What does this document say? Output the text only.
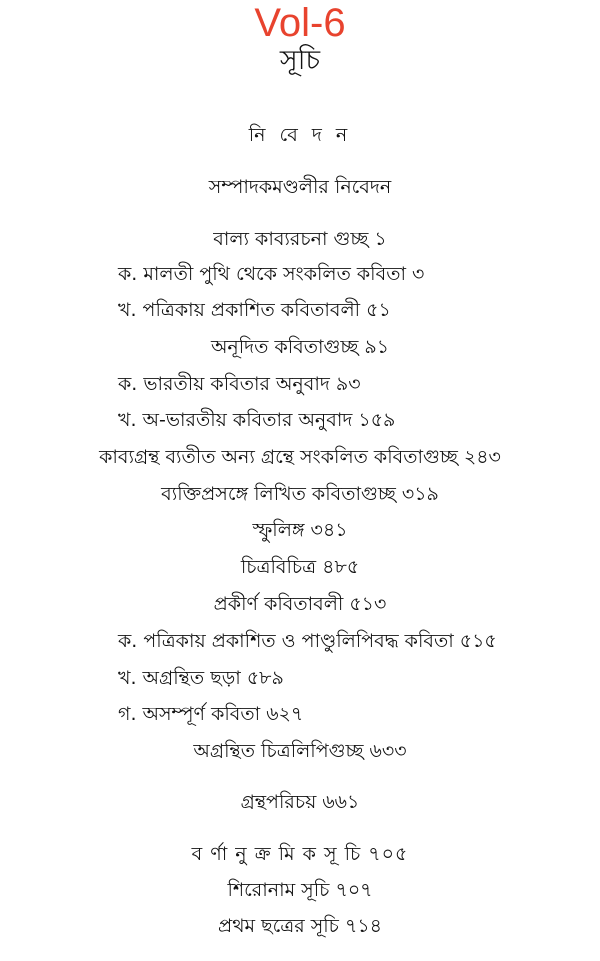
Vol-6
সূচি
নি বে দ ন
সম্পাদকমণ্ডলীর নিবেদন
বাল্য কাব্যরচনা গুচ্ছ ১
ক. মালতী পুথি থেকে সংকলিত কবিতা ৩
খ. পত্রিকায় প্রকাশিত কবিতাবলী ৫১
অনূদিত কবিতাগুচ্ছ ৯১
ক. ভারতীয় কবিতার অনুবাদ ৯৩
খ. অ-ভারতীয় কবিতার অনুবাদ ১৫৯
কাব্যগ্রন্থ ব্যতীত অন্য গ্রন্থে সংকলিত কবিতাগুচ্ছ ২৪৩
ব্যক্তিপ্রসঙ্গে লিখিত কবিতাগুচ্ছ ৩১৯
স্ফুলিঙ্গ ৩৪১
চিত্রবিচিত্র ৪৮৫
প্রকীর্ণ কবিতাবলী ৫১৩
ক. পত্রিকায় প্রকাশিত ও পাণ্ডুলিপিবদ্ধ কবিতা ৫১৫
খ. অগ্রন্থিত ছড়া ৫৮৯
গ. অসম্পূর্ণ কবিতা ৬২৭
অগ্রন্থিত চিত্রলিপিগুচ্ছ ৬৩৩
গ্রন্থপরিচয় ৬৬১
ব র্ণা নু ক্র মি ক সূ চি ৭০৫
শিরোনাম সূচি ৭০৭
প্রথম ছত্রের সূচি ৭১৪
